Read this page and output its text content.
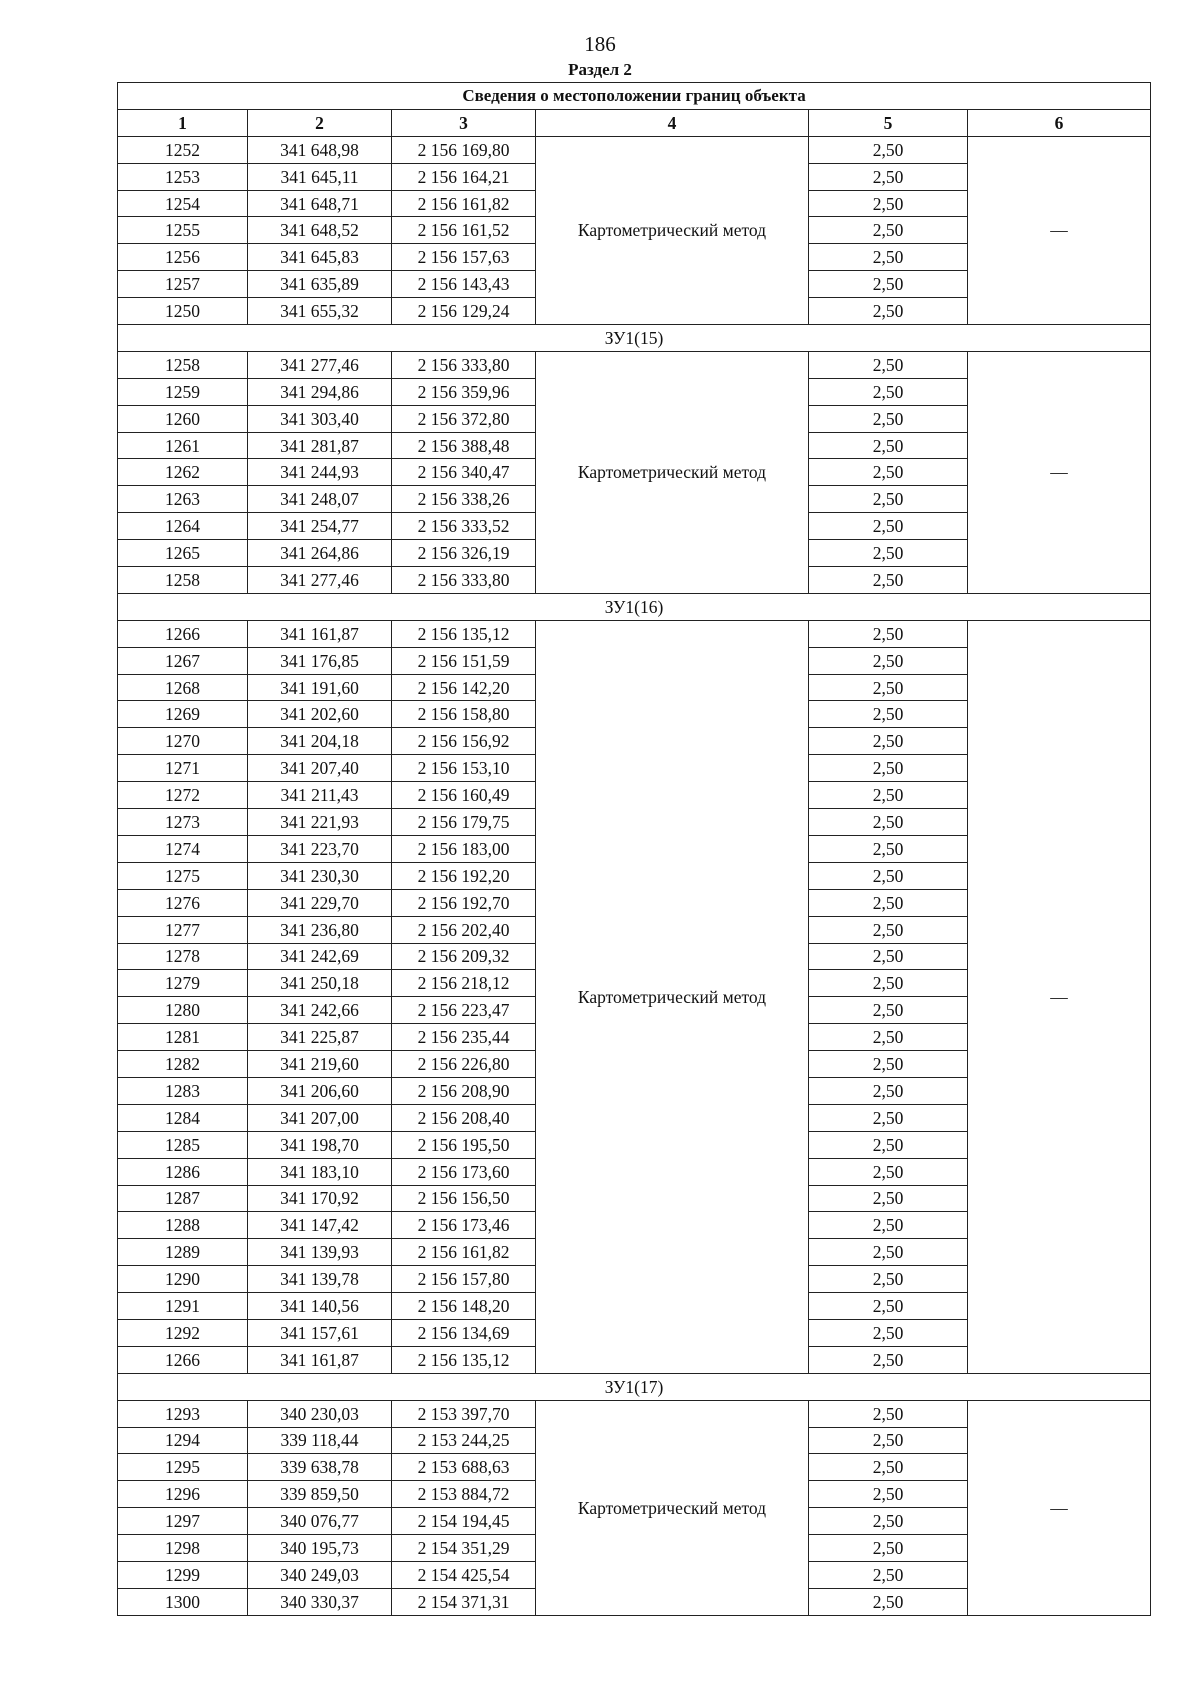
186
Раздел 2
Сведения о местоположении границ объекта					
1	2	3	4	5	6
1252	341 648,98	2 156 169,80	Картометрический метод	2,50	—
1253	341 645,11	2 156 164,21		2,50	
1254	341 648,71	2 156 161,82		2,50	
1255	341 648,52	2 156 161,52		2,50	
1256	341 645,83	2 156 157,63		2,50	
1257	341 635,89	2 156 143,43		2,50	
1250	341 655,32	2 156 129,24		2,50	
ЗУ1(15)					
1258	341 277,46	2 156 333,80	Картометрический метод	2,50	—
1259	341 294,86	2 156 359,96		2,50	
1260	341 303,40	2 156 372,80		2,50	
1261	341 281,87	2 156 388,48		2,50	
1262	341 244,93	2 156 340,47		2,50	
1263	341 248,07	2 156 338,26		2,50	
1264	341 254,77	2 156 333,52		2,50	
1265	341 264,86	2 156 326,19		2,50	
1258	341 277,46	2 156 333,80		2,50	
ЗУ1(16)					
1266	341 161,87	2 156 135,12	Картометрический метод	2,50	—
1267	341 176,85	2 156 151,59		2,50	
1268	341 191,60	2 156 142,20		2,50	
1269	341 202,60	2 156 158,80		2,50	
1270	341 204,18	2 156 156,92		2,50	
1271	341 207,40	2 156 153,10		2,50	
1272	341 211,43	2 156 160,49		2,50	
1273	341 221,93	2 156 179,75		2,50	
1274	341 223,70	2 156 183,00		2,50	
1275	341 230,30	2 156 192,20		2,50	
1276	341 229,70	2 156 192,70		2,50	
1277	341 236,80	2 156 202,40		2,50	
1278	341 242,69	2 156 209,32		2,50	
1279	341 250,18	2 156 218,12		2,50	
1280	341 242,66	2 156 223,47		2,50	
1281	341 225,87	2 156 235,44		2,50	
1282	341 219,60	2 156 226,80		2,50	
1283	341 206,60	2 156 208,90		2,50	
1284	341 207,00	2 156 208,40		2,50	
1285	341 198,70	2 156 195,50		2,50	
1286	341 183,10	2 156 173,60		2,50	
1287	341 170,92	2 156 156,50		2,50	
1288	341 147,42	2 156 173,46		2,50	
1289	341 139,93	2 156 161,82		2,50	
1290	341 139,78	2 156 157,80		2,50	
1291	341 140,56	2 156 148,20		2,50	
1292	341 157,61	2 156 134,69		2,50	
1266	341 161,87	2 156 135,12		2,50	
ЗУ1(17)					
1293	340 230,03	2 153 397,70	Картометрический метод	2,50	—
1294	339 118,44	2 153 244,25		2,50	
1295	339 638,78	2 153 688,63		2,50	
1296	339 859,50	2 153 884,72		2,50	
1297	340 076,77	2 154 194,45		2,50	
1298	340 195,73	2 154 351,29		2,50	
1299	340 249,03	2 154 425,54		2,50	
1300	340 330,37	2 154 371,31		2,50	
